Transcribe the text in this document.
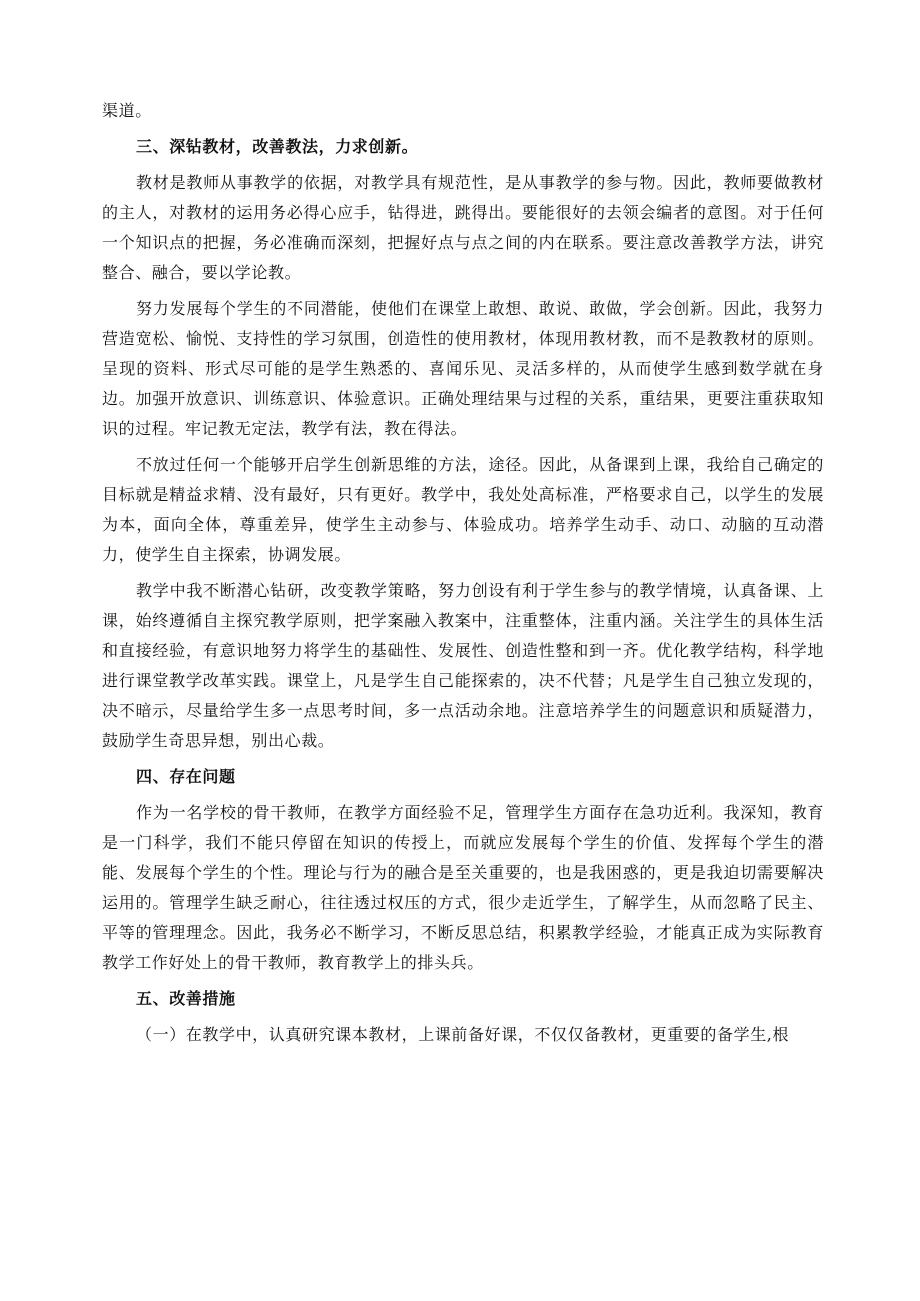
渠道。

三、深钻教材，改善教法，力求创新。

教材是教师从事教学的依据，对教学具有规范性，是从事教学的参与物。因此，教师要做教材的主人，对教材的运用务必得心应手，钻得进，跳得出。要能很好的去领会编者的意图。对于任何一个知识点的把握，务必准确而深刻，把握好点与点之间的内在联系。要注意改善教学方法，讲究整合、融合，要以学论教。

努力发展每个学生的不同潜能，使他们在课堂上敢想、敢说、敢做，学会创新。因此，我努力营造宽松、愉悦、支持性的学习氛围，创造性的使用教材，体现用教材教，而不是教教材的原则。呈现的资料、形式尽可能的是学生熟悉的、喜闻乐见、灵活多样的，从而使学生感到数学就在身边。加强开放意识、训练意识、体验意识。正确处理结果与过程的关系，重结果，更要注重获取知识的过程。牢记教无定法，教学有法，教在得法。

不放过任何一个能够开启学生创新思维的方法，途径。因此，从备课到上课，我给自己确定的目标就是精益求精、没有最好，只有更好。教学中，我处处高标准，严格要求自己，以学生的发展为本，面向全体，尊重差异，使学生主动参与、体验成功。培养学生动手、动口、动脑的互动潜力，使学生自主探索，协调发展。

教学中我不断潜心钻研，改变教学策略，努力创设有利于学生参与的教学情境，认真备课、上课，始终遵循自主探究教学原则，把学案融入教案中，注重整体，注重内涵。关注学生的具体生活和直接经验，有意识地努力将学生的基础性、发展性、创造性整和到一齐。优化教学结构，科学地进行课堂教学改革实践。课堂上，凡是学生自己能探索的，决不代替；凡是学生自己独立发现的，决不暗示，尽量给学生多一点思考时间，多一点活动余地。注意培养学生的问题意识和质疑潜力，鼓励学生奇思异想，别出心裁。

四、存在问题

作为一名学校的骨干教师，在教学方面经验不足，管理学生方面存在急功近利。我深知，教育是一门科学，我们不能只停留在知识的传授上，而就应发展每个学生的价值、发挥每个学生的潜能、发展每个学生的个性。理论与行为的融合是至关重要的，也是我困惑的，更是我迫切需要解决运用的。管理学生缺乏耐心，往往透过权压的方式，很少走近学生，了解学生，从而忽略了民主、平等的管理理念。因此，我务必不断学习，不断反思总结，积累教学经验，才能真正成为实际教育教学工作好处上的骨干教师，教育教学上的排头兵。

五、改善措施

（一）在教学中，认真研究课本教材，上课前备好课，不仅仅备教材，更重要的备学生,根
